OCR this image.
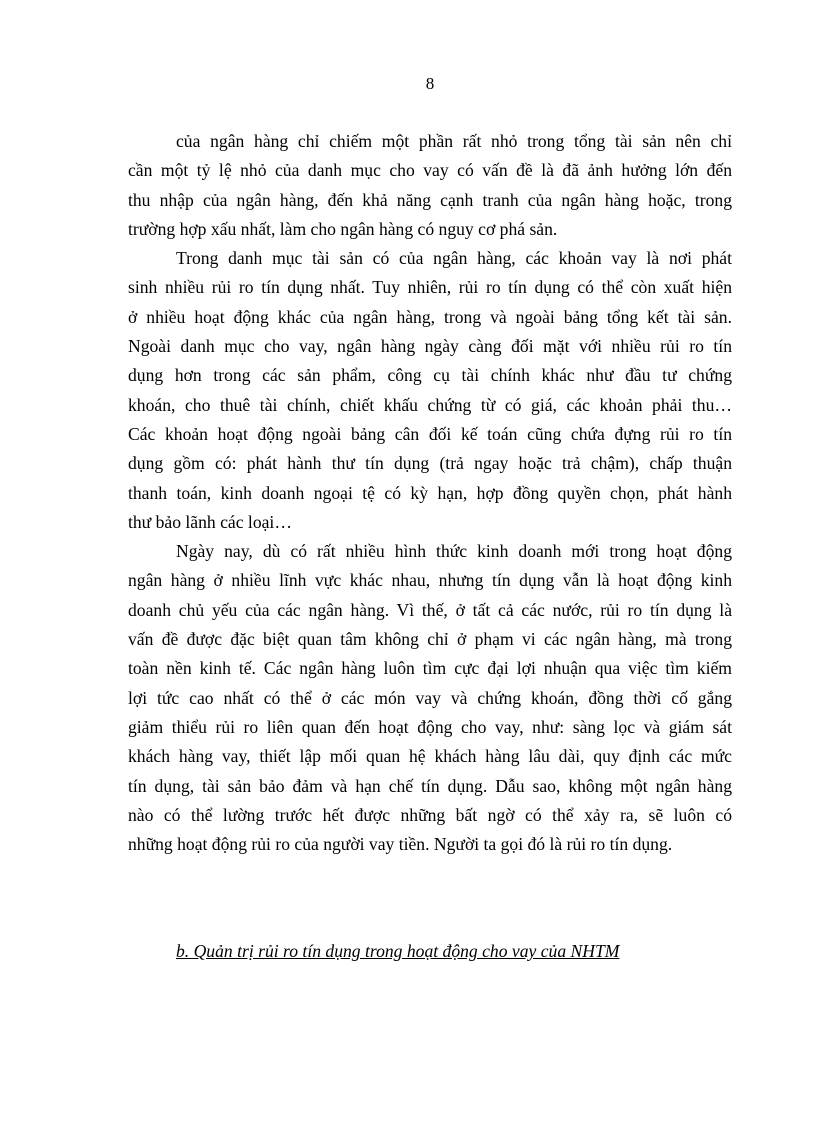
8

của ngân hàng chỉ chiếm một phần rất nhỏ trong tổng tài sản nên chỉ
cần một tỷ lệ nhỏ của danh mục cho vay có vấn đề là đã ảnh hưởng lớn đến
thu nhập của ngân hàng, đến khả năng cạnh tranh của ngân hàng hoặc, trong
trường hợp xấu nhất, làm cho ngân hàng có nguy cơ phá sản.

Trong danh mục tài sản có của ngân hàng, các khoản vay là nơi phát
sinh nhiều rủi ro tín dụng nhất. Tuy nhiên, rủi ro tín dụng có thể còn xuất hiện
ở nhiều hoạt động khác của ngân hàng, trong và ngoài bảng tổng kết tài sản.
Ngoài danh mục cho vay, ngân hàng ngày càng đối mặt với nhiều rủi ro tín
dụng hơn trong các sản phẩm, công cụ tài chính khác như đầu tư chứng
khoán, cho thuê tài chính, chiết khấu chứng từ có giá, các khoản phải thu…
Các khoản hoạt động ngoài bảng cân đối kế toán cũng chứa đựng rủi ro tín
dụng gồm có: phát hành thư tín dụng (trả ngay hoặc trả chậm), chấp thuận
thanh toán, kinh doanh ngoại tệ có kỳ hạn, hợp đồng quyền chọn, phát hành
thư bảo lãnh các loại…

Ngày nay, dù có rất nhiều hình thức kinh doanh mới trong hoạt động
ngân hàng ở nhiều lĩnh vực khác nhau, nhưng tín dụng vẫn là hoạt động kinh
doanh chủ yếu của các ngân hàng. Vì thế, ở tất cả các nước, rủi ro tín dụng là
vấn đề được đặc biệt quan tâm không chỉ ở phạm vi các ngân hàng, mà trong
toàn nền kinh tế. Các ngân hàng luôn tìm cực đại lợi nhuận qua việc tìm kiếm
lợi tức cao nhất có thể ở các món vay và chứng khoán, đồng thời cố gắng
giảm thiểu rủi ro liên quan đến hoạt động cho vay, như: sàng lọc và giám sát
khách hàng vay, thiết lập mối quan hệ khách hàng lâu dài, quy định các mức
tín dụng, tài sản bảo đảm và hạn chế tín dụng. Dẫu sao, không một ngân hàng
nào có thể lường trước hết được những bất ngờ có thể xảy ra, sẽ luôn có
những hoạt động rủi ro của người vay tiền. Người ta gọi đó là rủi ro tín dụng.

b. Quản trị rủi ro tín dụng trong hoạt động cho vay của NHTM
